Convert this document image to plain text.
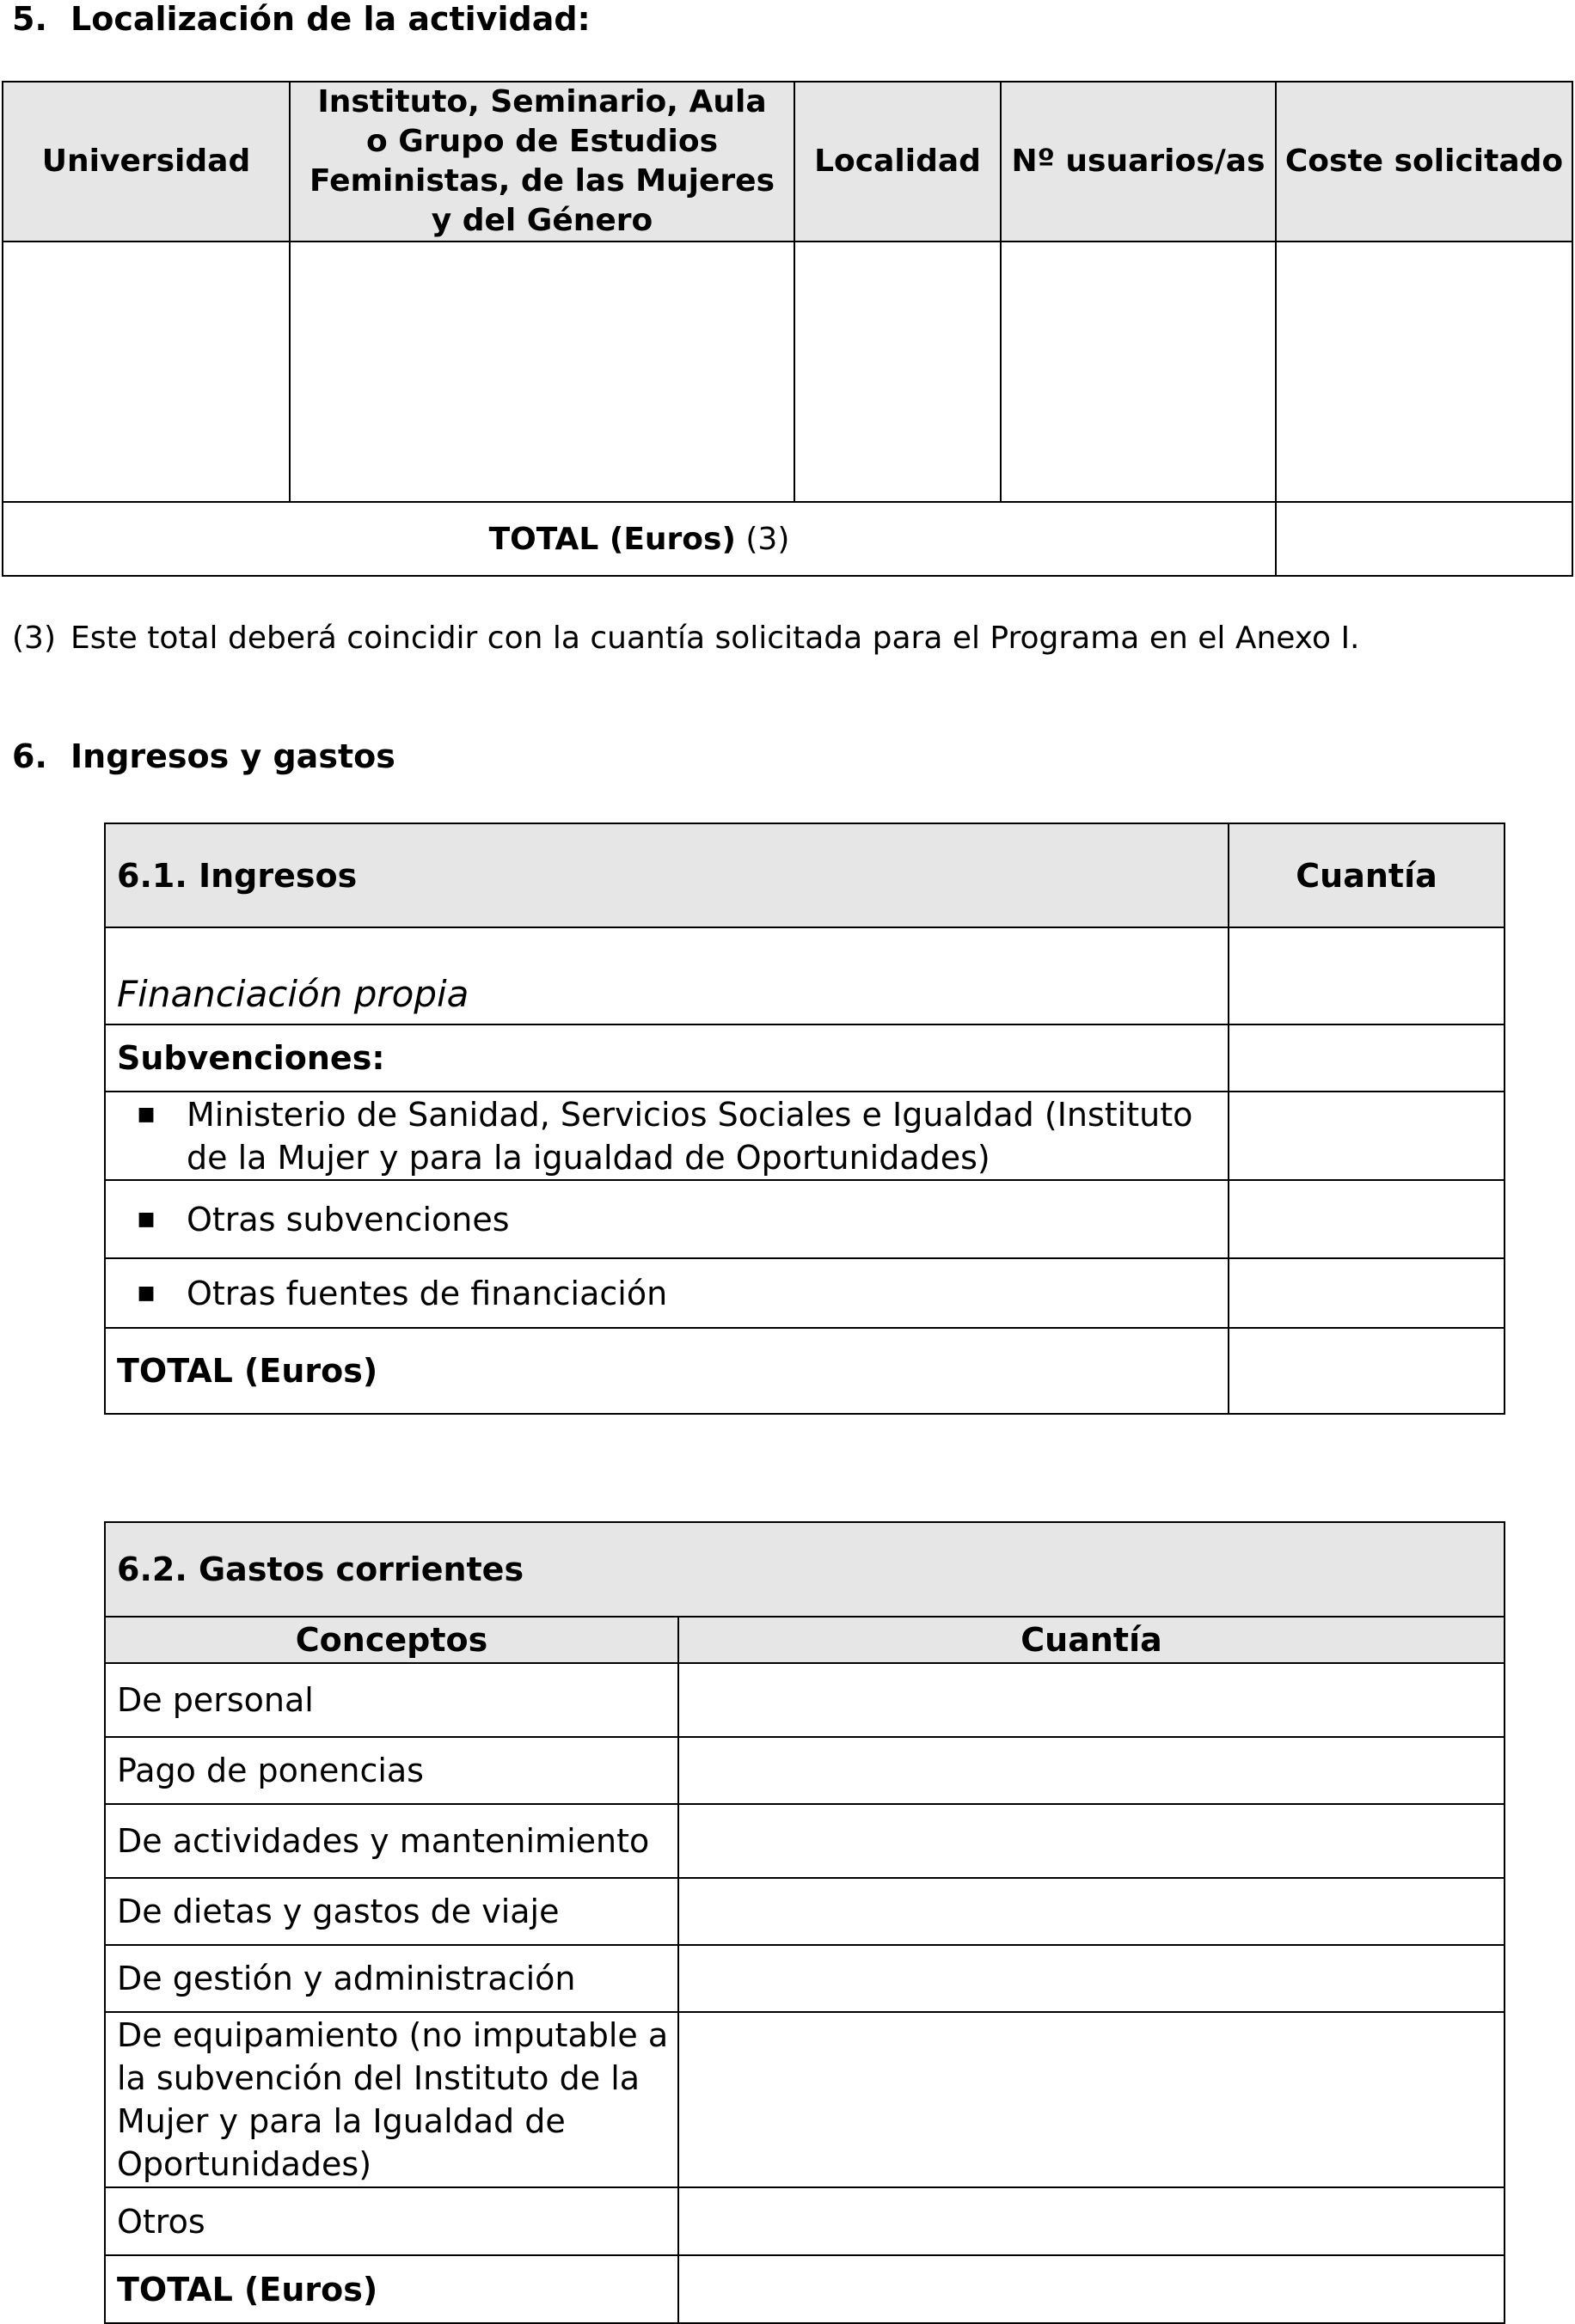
5. Localización de la actividad:
Universidad	Instituto, Seminario, Aula o Grupo de Estudios Feministas, de las Mujeres y del Género	Localidad	Nº usuarios/as	Coste solicitado

TOTAL (Euros) (3)				
(3) Este total deberá coincidir con la cuantía solicitada para el Programa en el Anexo I.
6. Ingresos y gastos
6.1. Ingresos	Cuantía
Financiación propia	
Subvenciones:	

■ Ministerio de Sanidad, Servicios Sociales e Igualdad (Instituto de la Mujer y para la igualdad de Oportunidades)	

■ Otras subvenciones	

■ Otras fuentes de financiación	

TOTAL (Euros)	
6.2. Gastos corrientes	
Conceptos	Cuantía
De personal	
Pago de ponencias	
De actividades y mantenimiento	
De dietas y gastos de viaje	
De gestión y administración	
De equipamiento (no imputable a la subvención del Instituto de la Mujer y para la Igualdad de Oportunidades)	
Otros	
TOTAL (Euros)	
